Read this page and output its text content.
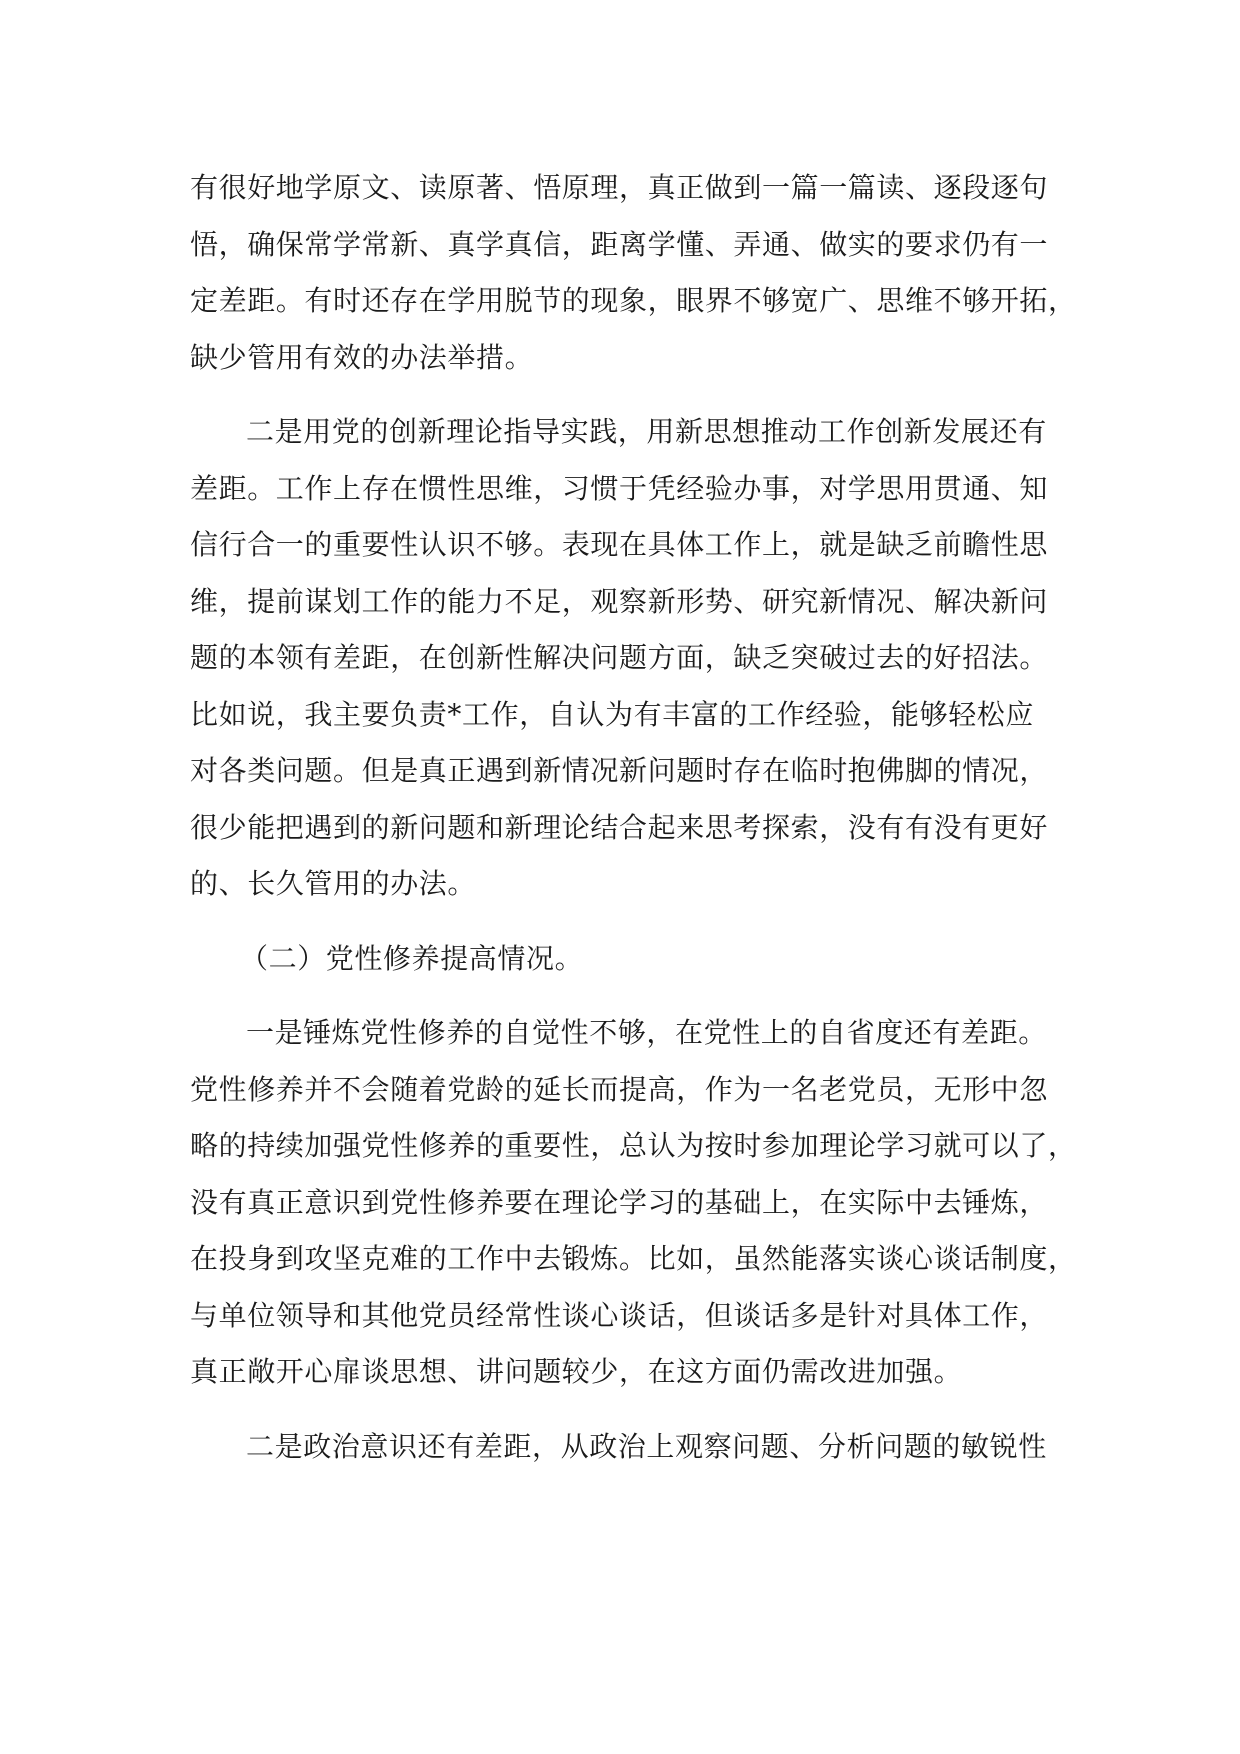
有很好地学原文、读原著、悟原理，真正做到一篇一篇读、逐段逐句
悟，确保常学常新、真学真信，距离学懂、弄通、做实的要求仍有一
定差距。有时还存在学用脱节的现象，眼界不够宽广、思维不够开拓，
缺少管用有效的办法举措。
二是用党的创新理论指导实践，用新思想推动工作创新发展还有
差距。工作上存在惯性思维，习惯于凭经验办事，对学思用贯通、知
信行合一的重要性认识不够。表现在具体工作上，就是缺乏前瞻性思
维，提前谋划工作的能力不足，观察新形势、研究新情况、解决新问
题的本领有差距，在创新性解决问题方面，缺乏突破过去的好招法。
比如说，我主要负责*工作，自认为有丰富的工作经验，能够轻松应
对各类问题。但是真正遇到新情况新问题时存在临时抱佛脚的情况，
很少能把遇到的新问题和新理论结合起来思考探索，没有有没有更好
的、长久管用的办法。
（二）党性修养提高情况。
一是锤炼党性修养的自觉性不够，在党性上的自省度还有差距。
党性修养并不会随着党龄的延长而提高，作为一名老党员，无形中忽
略的持续加强党性修养的重要性，总认为按时参加理论学习就可以了，
没有真正意识到党性修养要在理论学习的基础上，在实际中去锤炼，
在投身到攻坚克难的工作中去锻炼。比如，虽然能落实谈心谈话制度，
与单位领导和其他党员经常性谈心谈话，但谈话多是针对具体工作，
真正敞开心扉谈思想、讲问题较少，在这方面仍需改进加强。
二是政治意识还有差距，从政治上观察问题、分析问题的敏锐性
